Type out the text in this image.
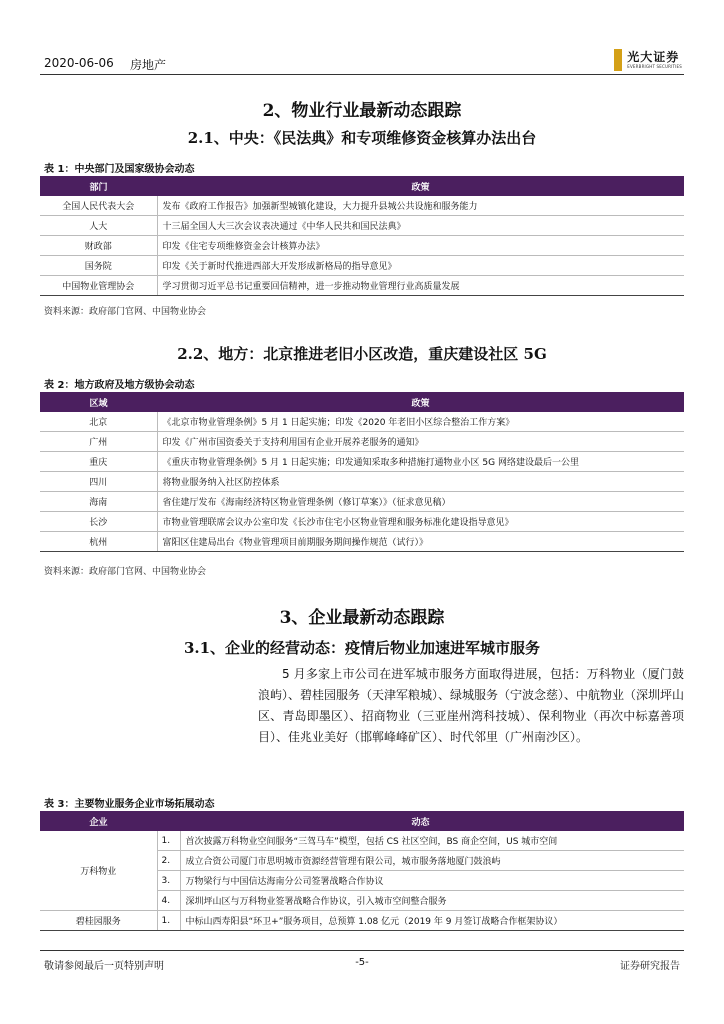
2020-06-06 房地产
光大证券
EVERBRIGHT SECURITIES
2、物业行业最新动态跟踪
2.1、中央：《民法典》和专项维修资金核算办法出台
表 1：中央部门及国家级协会动态
部门	政策
全国人民代表大会	发布《政府工作报告》加强新型城镇化建设，大力提升县城公共设施和服务能力
人大	十三届全国人大三次会议表决通过《中华人民共和国民法典》
财政部	印发《住宅专项维修资金会计核算办法》
国务院	印发《关于新时代推进西部大开发形成新格局的指导意见》
中国物业管理协会	学习贯彻习近平总书记重要回信精神，进一步推动物业管理行业高质量发展
资料来源：政府部门官网、中国物业协会
2.2、地方：北京推进老旧小区改造，重庆建设社区 5G
表 2：地方政府及地方级协会动态
区域	政策
北京	《北京市物业管理条例》5 月 1 日起实施；印发《2020 年老旧小区综合整治工作方案》
广州	印发《广州市国资委关于支持利用国有企业开展养老服务的通知》
重庆	《重庆市物业管理条例》5 月 1 日起实施；印发通知采取多种措施打通物业小区 5G 网络建设最后一公里
四川	将物业服务纳入社区防控体系
海南	省住建厅发布《海南经济特区物业管理条例（修订草案）》（征求意见稿）
长沙	市物业管理联席会议办公室印发《长沙市住宅小区物业管理和服务标准化建设指导意见》
杭州	富阳区住建局出台《物业管理项目前期服务期间操作规范（试行）》
资料来源：政府部门官网、中国物业协会
3、企业最新动态跟踪
3.1、企业的经营动态：疫情后物业加速进军城市服务
5 月多家上市公司在进军城市服务方面取得进展，包括：万科物业（厦门鼓浪屿）、碧桂园服务（天津军粮城）、绿城服务（宁波念慈）、中航物业（深圳坪山区、青岛即墨区）、招商物业（三亚崖州湾科技城）、保利物业（再次中标嘉善项目）、佳兆业美好（邯郸峰峰矿区）、时代邻里（广州南沙区）。
表 3：主要物业服务企业市场拓展动态
企业	动态	
万科物业	1.	首次披露万科物业空间服务“三驾马车”模型，包括 CS 社区空间，BS 商企空间，US 城市空间
	2.	成立合资公司厦门市思明城市资源经营管理有限公司，城市服务落地厦门鼓浪屿
	3.	万物梁行与中国信达海南分公司签署战略合作协议
	4.	深圳坪山区与万科物业签署战略合作协议，引入城市空间整合服务
碧桂园服务	1.	中标山西寿阳县“环卫+”服务项目，总预算 1.08 亿元（2019 年 9 月签订战略合作框架协议）
敬请参阅最后一页特别声明	-5-	证券研究报告
